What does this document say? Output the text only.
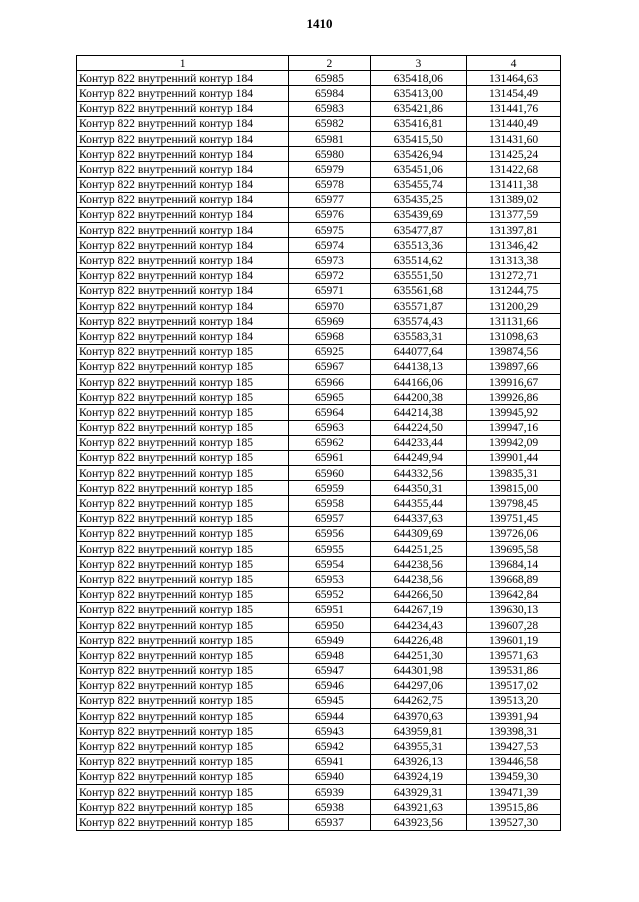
1410
1	2	3	4
Контур 822 внутренний контур 184	65985	635418,06	131464,63
Контур 822 внутренний контур 184	65984	635413,00	131454,49
Контур 822 внутренний контур 184	65983	635421,86	131441,76
Контур 822 внутренний контур 184	65982	635416,81	131440,49
Контур 822 внутренний контур 184	65981	635415,50	131431,60
Контур 822 внутренний контур 184	65980	635426,94	131425,24
Контур 822 внутренний контур 184	65979	635451,06	131422,68
Контур 822 внутренний контур 184	65978	635455,74	131411,38
Контур 822 внутренний контур 184	65977	635435,25	131389,02
Контур 822 внутренний контур 184	65976	635439,69	131377,59
Контур 822 внутренний контур 184	65975	635477,87	131397,81
Контур 822 внутренний контур 184	65974	635513,36	131346,42
Контур 822 внутренний контур 184	65973	635514,62	131313,38
Контур 822 внутренний контур 184	65972	635551,50	131272,71
Контур 822 внутренний контур 184	65971	635561,68	131244,75
Контур 822 внутренний контур 184	65970	635571,87	131200,29
Контур 822 внутренний контур 184	65969	635574,43	131131,66
Контур 822 внутренний контур 184	65968	635583,31	131098,63
Контур 822 внутренний контур 185	65925	644077,64	139874,56
Контур 822 внутренний контур 185	65967	644138,13	139897,66
Контур 822 внутренний контур 185	65966	644166,06	139916,67
Контур 822 внутренний контур 185	65965	644200,38	139926,86
Контур 822 внутренний контур 185	65964	644214,38	139945,92
Контур 822 внутренний контур 185	65963	644224,50	139947,16
Контур 822 внутренний контур 185	65962	644233,44	139942,09
Контур 822 внутренний контур 185	65961	644249,94	139901,44
Контур 822 внутренний контур 185	65960	644332,56	139835,31
Контур 822 внутренний контур 185	65959	644350,31	139815,00
Контур 822 внутренний контур 185	65958	644355,44	139798,45
Контур 822 внутренний контур 185	65957	644337,63	139751,45
Контур 822 внутренний контур 185	65956	644309,69	139726,06
Контур 822 внутренний контур 185	65955	644251,25	139695,58
Контур 822 внутренний контур 185	65954	644238,56	139684,14
Контур 822 внутренний контур 185	65953	644238,56	139668,89
Контур 822 внутренний контур 185	65952	644266,50	139642,84
Контур 822 внутренний контур 185	65951	644267,19	139630,13
Контур 822 внутренний контур 185	65950	644234,43	139607,28
Контур 822 внутренний контур 185	65949	644226,48	139601,19
Контур 822 внутренний контур 185	65948	644251,30	139571,63
Контур 822 внутренний контур 185	65947	644301,98	139531,86
Контур 822 внутренний контур 185	65946	644297,06	139517,02
Контур 822 внутренний контур 185	65945	644262,75	139513,20
Контур 822 внутренний контур 185	65944	643970,63	139391,94
Контур 822 внутренний контур 185	65943	643959,81	139398,31
Контур 822 внутренний контур 185	65942	643955,31	139427,53
Контур 822 внутренний контур 185	65941	643926,13	139446,58
Контур 822 внутренний контур 185	65940	643924,19	139459,30
Контур 822 внутренний контур 185	65939	643929,31	139471,39
Контур 822 внутренний контур 185	65938	643921,63	139515,86
Контур 822 внутренний контур 185	65937	643923,56	139527,30
